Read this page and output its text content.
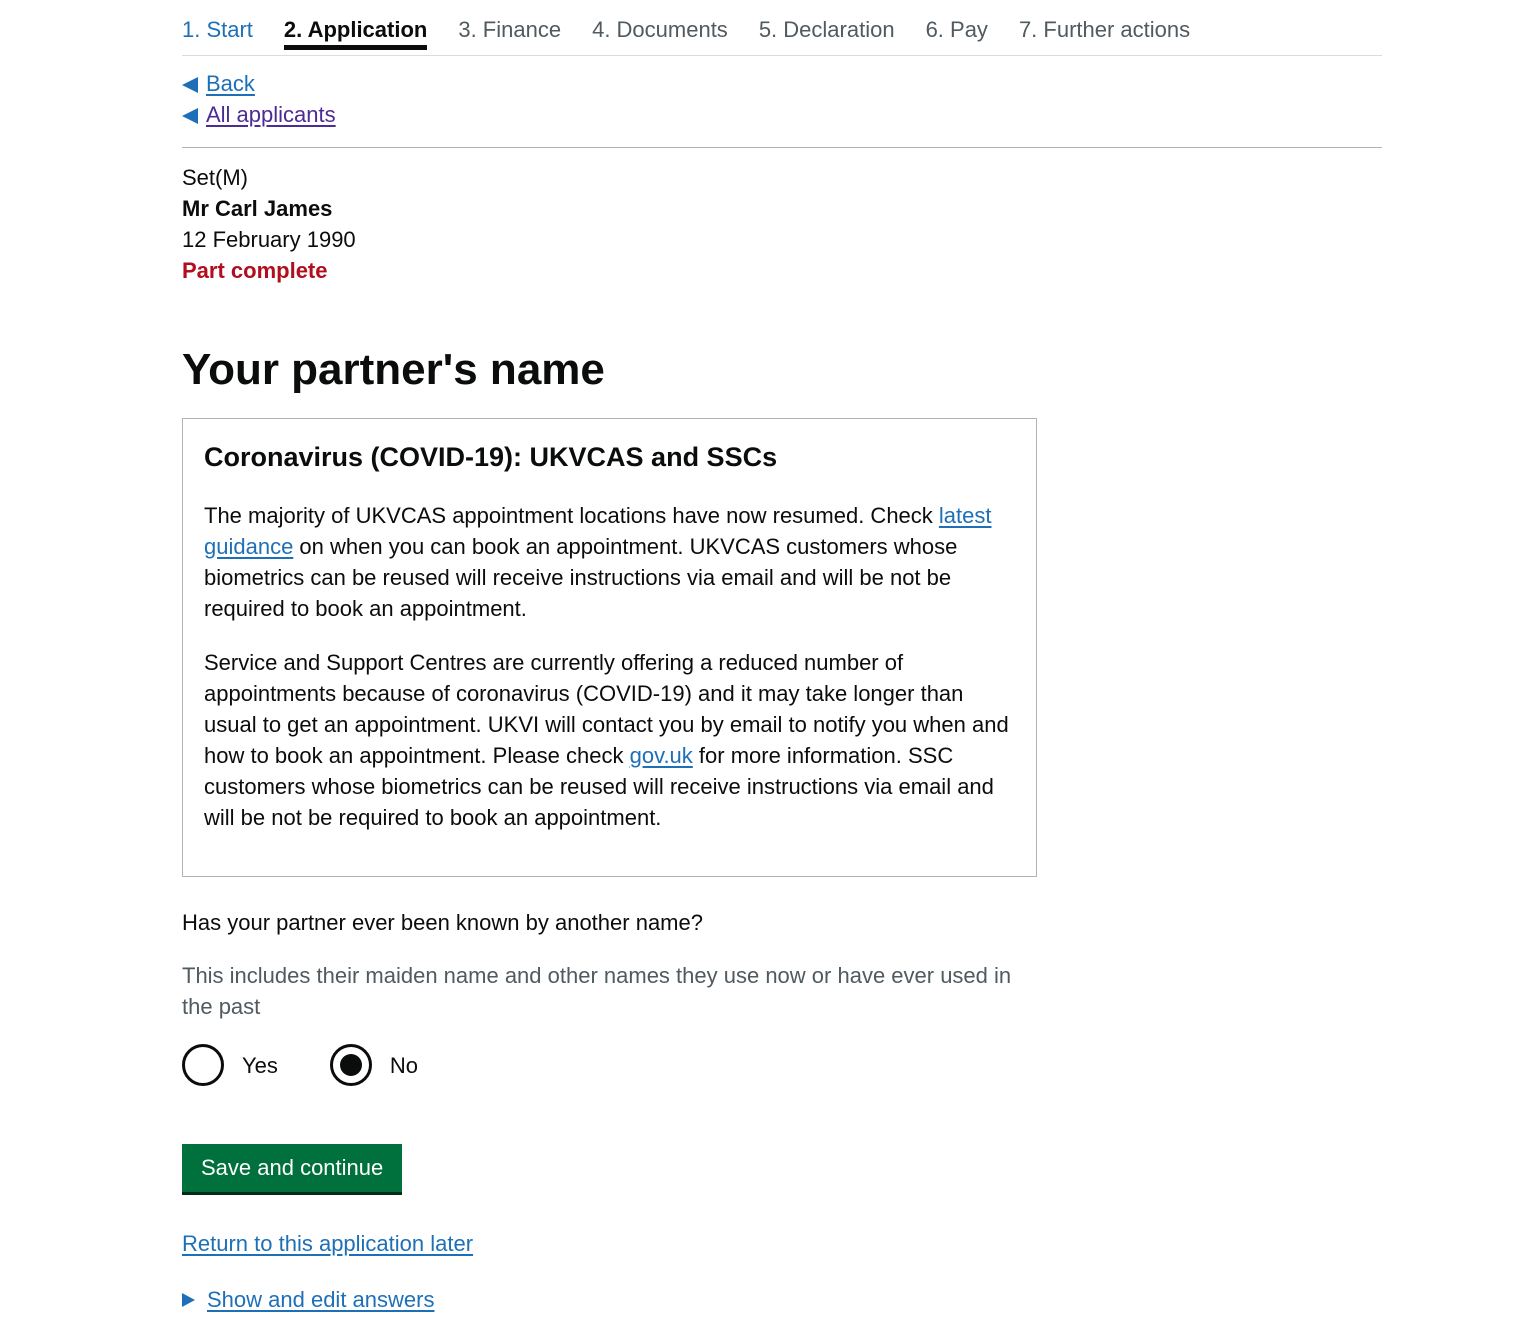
1. Start 2. Application 3. Finance 4. Documents 5. Declaration 6. Pay 7. Further actions
Back
All applicants
Set(M)
Mr Carl James
12 February 1990
Part complete
Your partner's name
Coronavirus (COVID-19): UKVCAS and SSCs

The majority of UKVCAS appointment locations have now resumed. Check latest guidance on when you can book an appointment. UKVCAS customers whose biometrics can be reused will receive instructions via email and will be not be required to book an appointment.

Service and Support Centres are currently offering a reduced number of appointments because of coronavirus (COVID-19) and it may take longer than usual to get an appointment. UKVI will contact you by email to notify you when and how to book an appointment. Please check gov.uk for more information. SSC customers whose biometrics can be reused will receive instructions via email and will be not be required to book an appointment.

Has your partner ever been known by another name?
This includes their maiden name and other names they use now or have ever used in the past
Yes	No
Save and continue
Return to this application later
Show and edit answers
